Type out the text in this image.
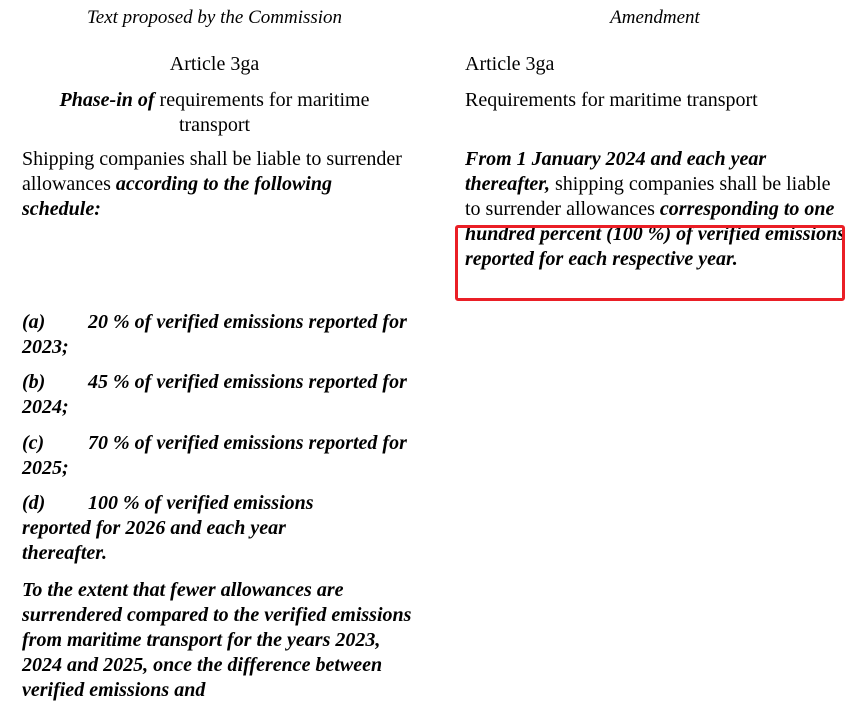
Text proposed by the Commission
Article 3ga
Phase-in of requirements for maritime transport
Shipping companies shall be liable to surrender allowances according to the following schedule:
(a) 20 % of verified emissions reported for 2023;
(b) 45 % of verified emissions reported for 2024;
(c) 70 % of verified emissions reported for 2025;
(d) 100 % of verified emissions reported for 2026 and each year thereafter.
To the extent that fewer allowances are surrendered compared to the verified emissions from maritime transport for the years 2023, 2024 and 2025, once the difference between verified emissions and
Amendment
Article 3ga
Requirements for maritime transport
From 1 January 2024 and each year thereafter, shipping companies shall be liable to surrender allowances corresponding to one hundred percent (100 %) of verified emissions reported for each respective year.
